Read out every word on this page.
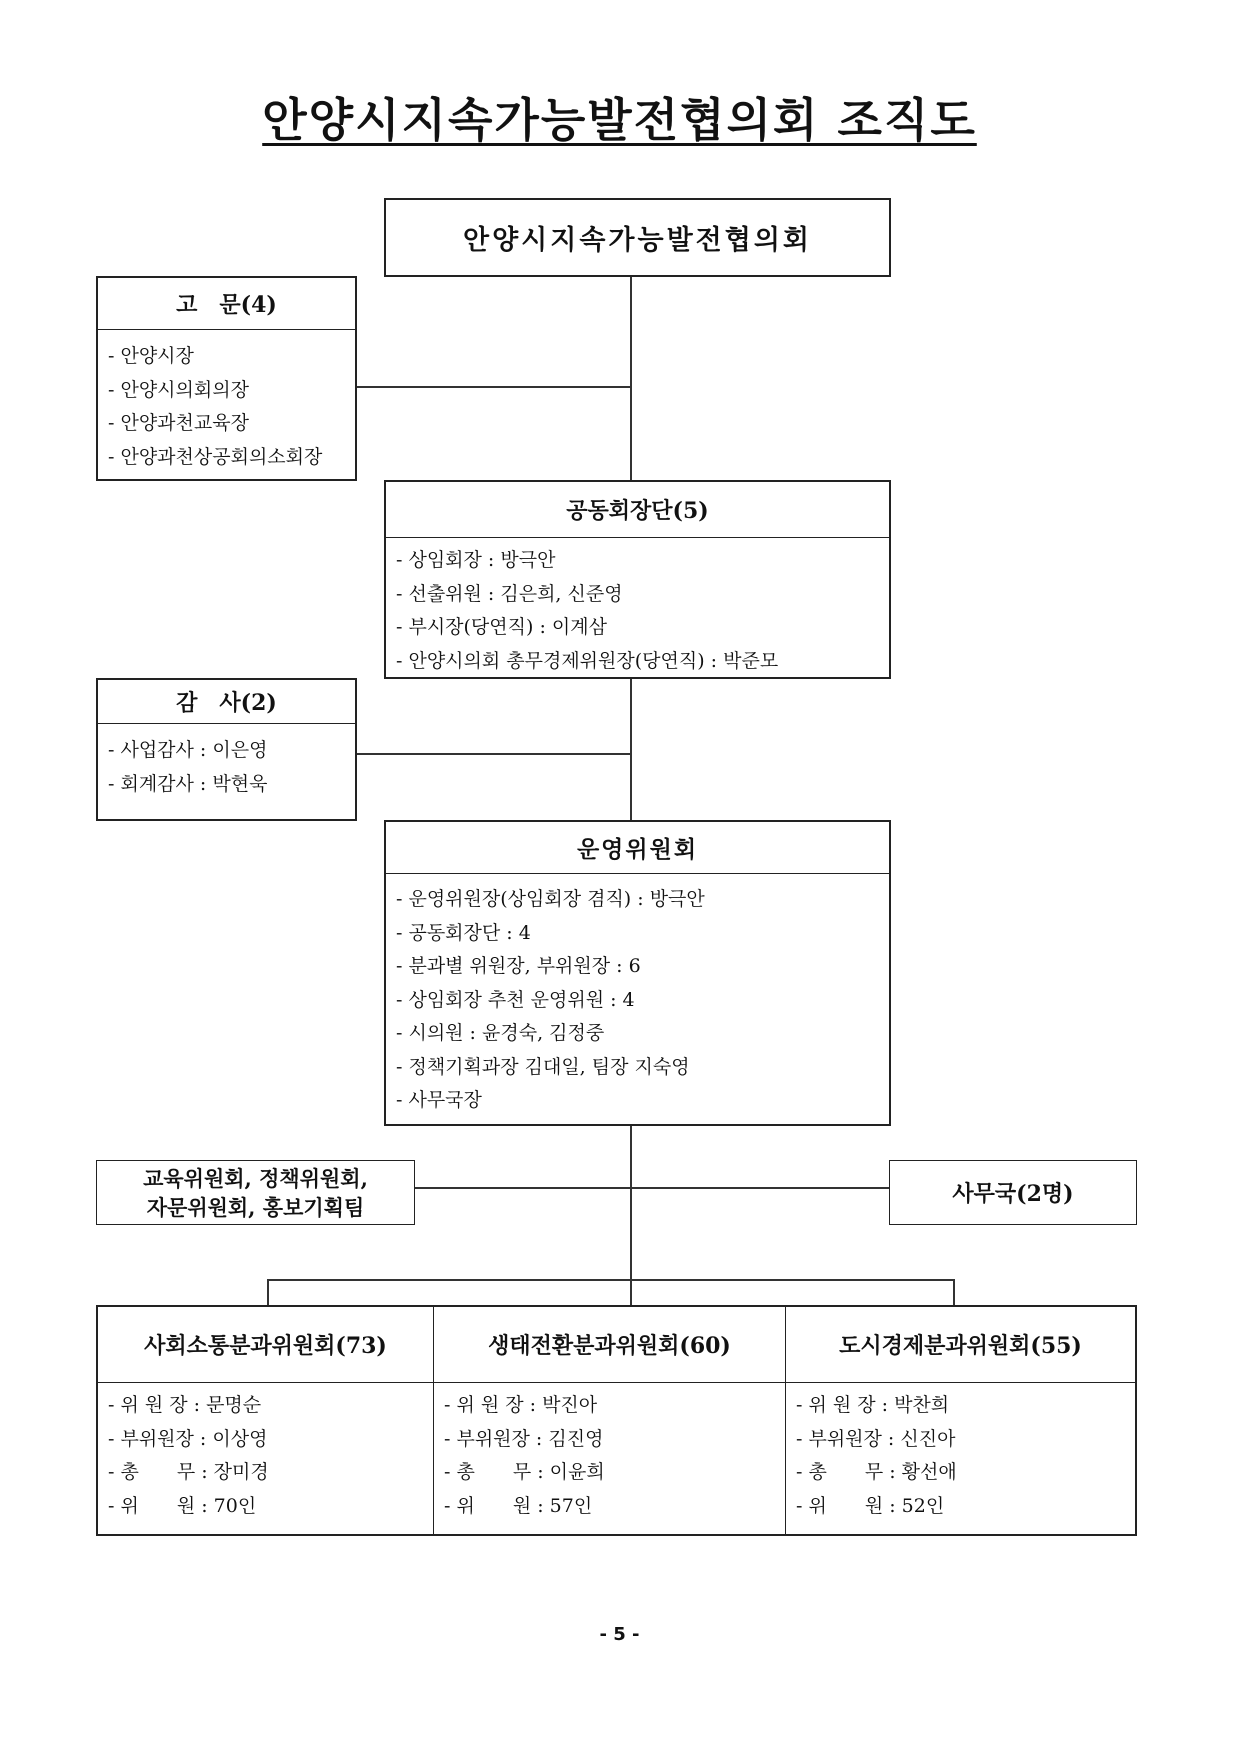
안양시지속가능발전협의회 조직도
안양시지속가능발전협의회
고　문(4)
- 안양시장
- 안양시의회의장
- 안양과천교육장
- 안양과천상공회의소회장
공동회장단(5)
- 상임회장 : 방극안
- 선출위원 : 김은희, 신준영
- 부시장(당연직) : 이계삼
- 안양시의회 총무경제위원장(당연직) : 박준모
감　사(2)
- 사업감사 : 이은영
- 회계감사 : 박현욱
운영위원회
- 운영위원장(상임회장 겸직) : 방극안
- 공동회장단 : 4
- 분과별 위원장, 부위원장 : 6
- 상임회장 추천 운영위원 : 4
- 시의원 : 윤경숙, 김정중
- 정책기획과장 김대일, 팀장 지숙영
- 사무국장
교육위원회, 정책위원회,
자문위원회, 홍보기획팀	사무국(2명)
사회소통분과위원회(73)
- 위 원 장 : 문명순
- 부위원장 : 이상영
- 총　　무 : 장미경
- 위　　원 : 70인
생태전환분과위원회(60)
- 위 원 장 : 박진아
- 부위원장 : 김진영
- 총　　무 : 이윤희
- 위　　원 : 57인
도시경제분과위원회(55)
- 위 원 장 : 박찬희
- 부위원장 : 신진아
- 총　　무 : 황선애
- 위　　원 : 52인
- 5 -
